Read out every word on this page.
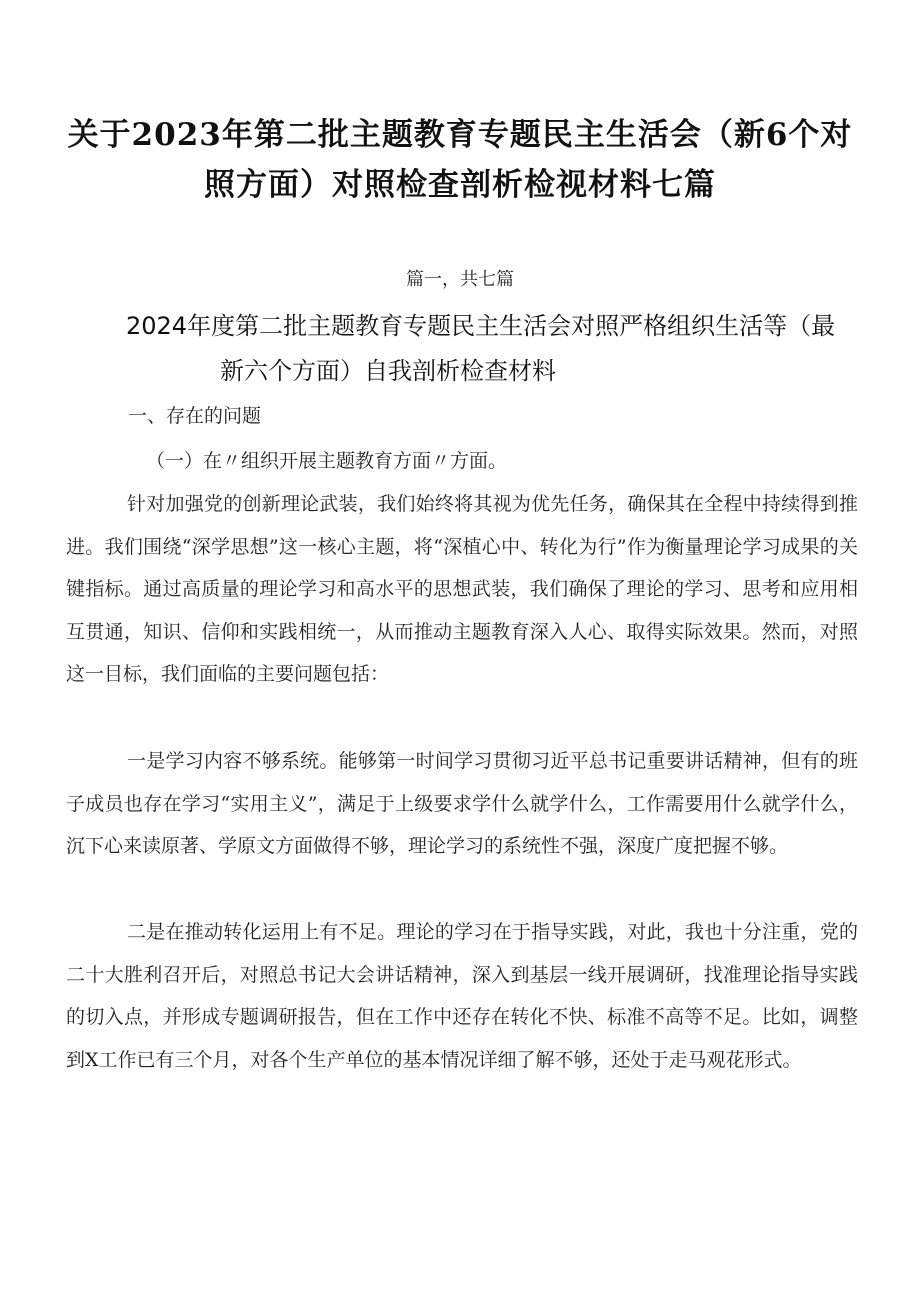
关于2023年第二批主题教育专题民主生活会（新6个对照方面）对照检查剖析检视材料七篇
篇一，共七篇
2024年度第二批主题教育专题民主生活会对照严格组织生活等（最
新六个方面）自我剖析检查材料
一、存在的问题
（一）在〃组织开展主题教育方面〃方面。

针对加强党的创新理论武装，我们始终将其视为优先任务，确保其在全程中持续得到推进。我们围绕“深学思想”这一核心主题，将“深植心中、转化为行”作为衡量理论学习成果的关键指标。通过高质量的理论学习和高水平的思想武装，我们确保了理论的学习、思考和应用相互贯通，知识、信仰和实践相统一，从而推动主题教育深入人心、取得实际效果。然而，对照这一目标，我们面临的主要问题包括：

一是学习内容不够系统。能够第一时间学习贯彻习近平总书记重要讲话精神，但有的班子成员也存在学习“实用主义”，满足于上级要求学什么就学什么，工作需要用什么就学什么，沉下心来读原著、学原文方面做得不够，理论学习的系统性不强，深度广度把握不够。

二是在推动转化运用上有不足。理论的学习在于指导实践，对此，我也十分注重，党的二十大胜利召开后，对照总书记大会讲话精神，深入到基层一线开展调研，找准理论指导实践的切入点，并形成专题调研报告，但在工作中还存在转化不快、标准不高等不足。比如，调整到X工作已有三个月，对各个生产单位的基本情况详细了解不够，还处于走马观花形式。
